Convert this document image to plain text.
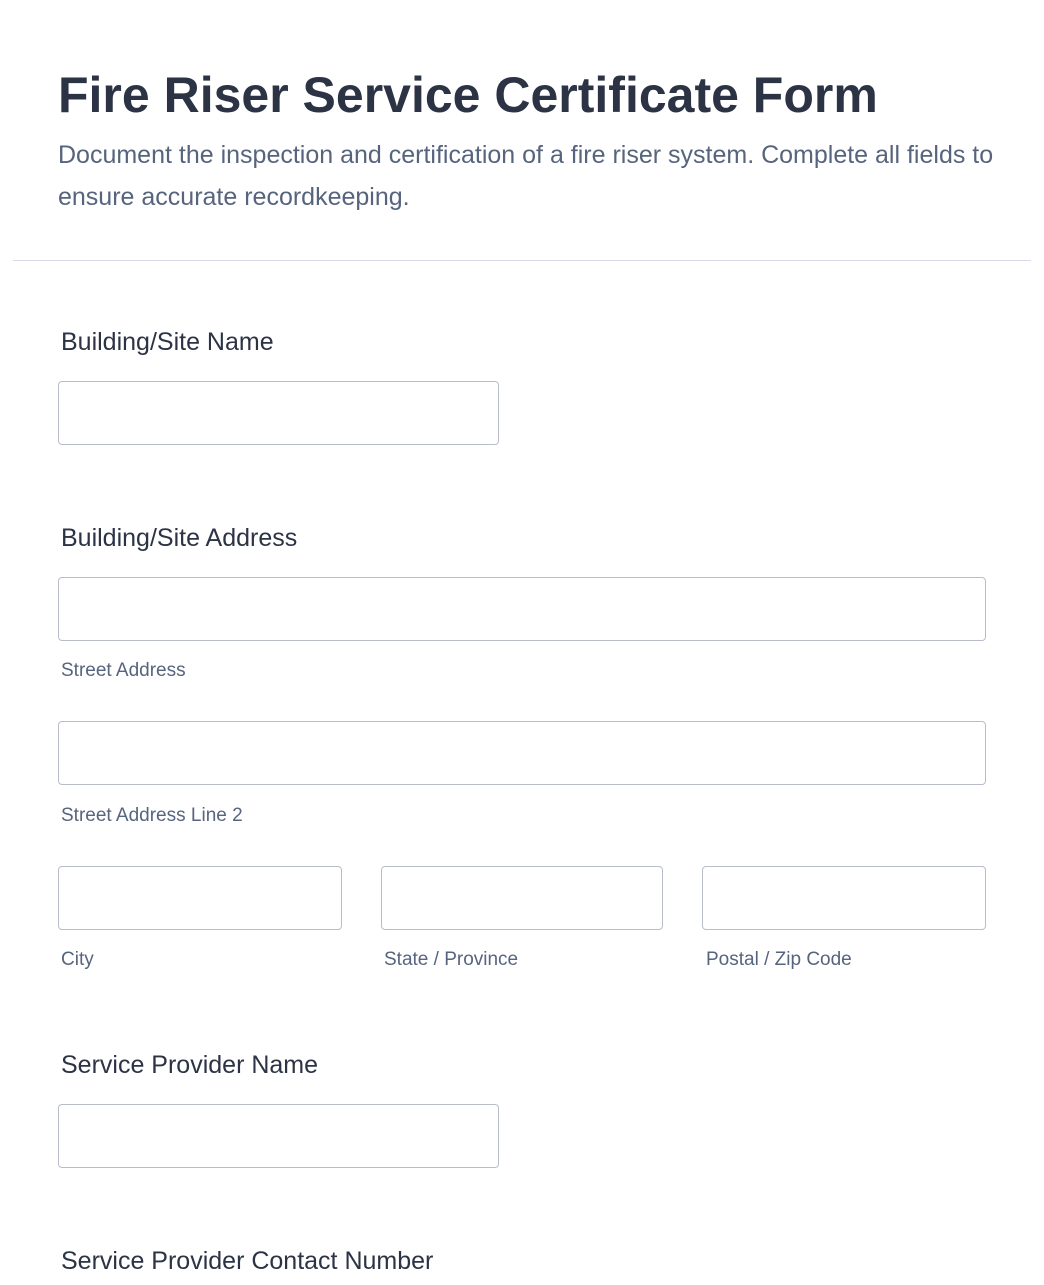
Fire Riser Service Certificate Form

Document the inspection and certification of a fire riser system. Complete all fields to ensure accurate recordkeeping.

Building/Site Name
Building/Site Address
Street Address
Street Address Line 2
City	State / Province	Postal / Zip Code
Service Provider Name
Service Provider Contact Number
